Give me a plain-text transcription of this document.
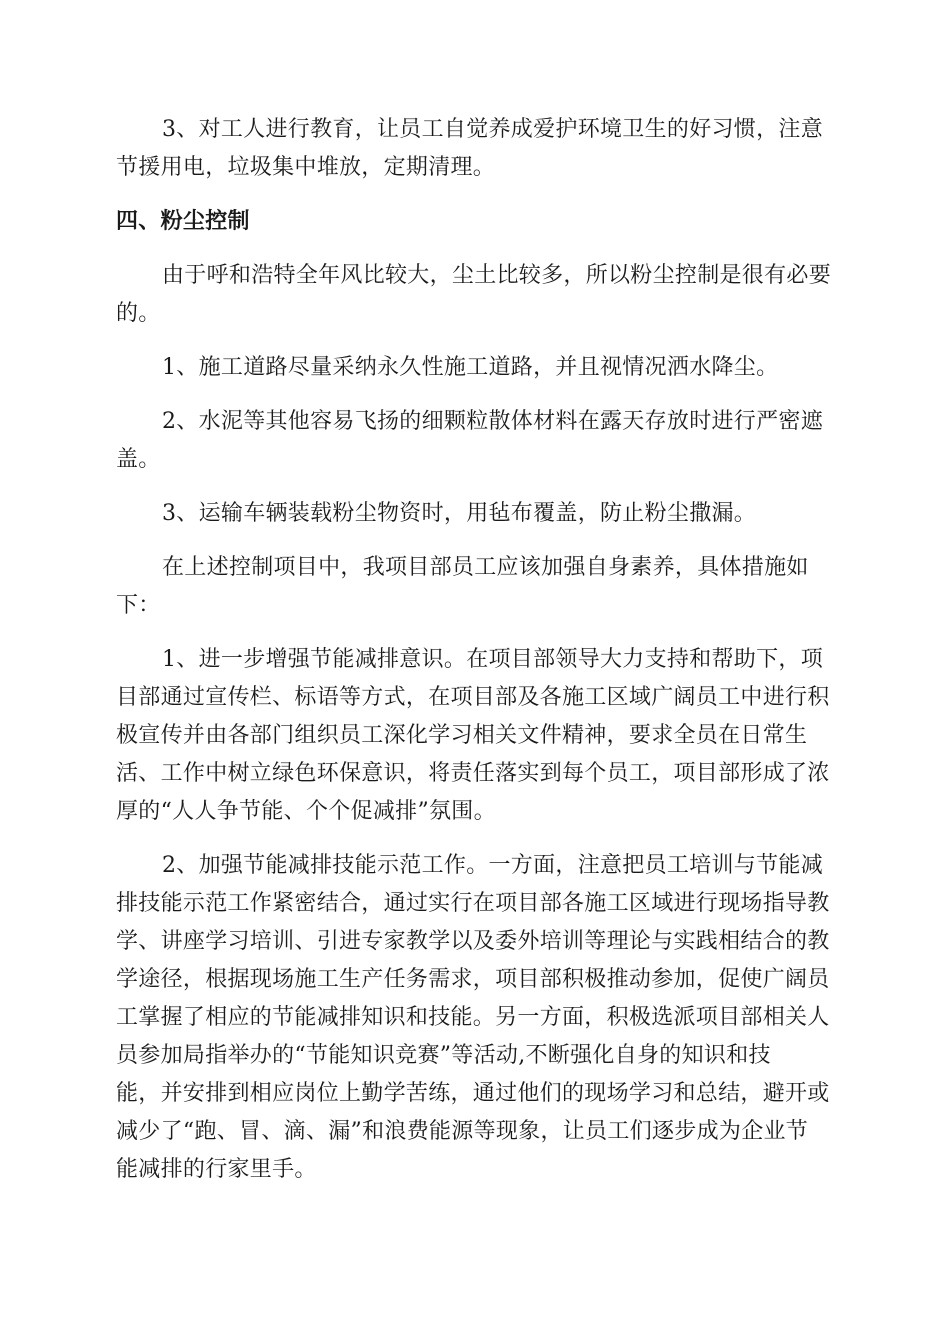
3、对工人进行教育，让员工自觉养成爱护环境卫生的好习惯，注意
节援用电，垃圾集中堆放，定期清理。
四、粉尘控制
由于呼和浩特全年风比较大，尘土比较多，所以粉尘控制是很有必要
的。
1、施工道路尽量采纳永久性施工道路，并且视情况洒水降尘。
2、水泥等其他容易飞扬的细颗粒散体材料在露天存放时进行严密遮
盖。
3、运输车辆装载粉尘物资时，用毡布覆盖，防止粉尘撒漏。
在上述控制项目中，我项目部员工应该加强自身素养，具体措施如
下：
1、进一步增强节能减排意识。在项目部领导大力支持和帮助下，项
目部通过宣传栏、标语等方式，在项目部及各施工区域广阔员工中进行积
极宣传并由各部门组织员工深化学习相关文件精神，要求全员在日常生
活、工作中树立绿色环保意识，将责任落实到每个员工，项目部形成了浓
厚的“人人争节能、个个促减排”氛围。
2、加强节能减排技能示范工作。一方面，注意把员工培训与节能减
排技能示范工作紧密结合，通过实行在项目部各施工区域进行现场指导教
学、讲座学习培训、引进专家教学以及委外培训等理论与实践相结合的教
学途径，根据现场施工生产任务需求，项目部积极推动参加，促使广阔员
工掌握了相应的节能减排知识和技能。另一方面，积极选派项目部相关人
员参加局指举办的“节能知识竞赛”等活动,不断强化自身的知识和技
能，并安排到相应岗位上勤学苦练，通过他们的现场学习和总结，避开或
减少了“跑、冒、滴、漏”和浪费能源等现象，让员工们逐步成为企业节
能减排的行家里手。
